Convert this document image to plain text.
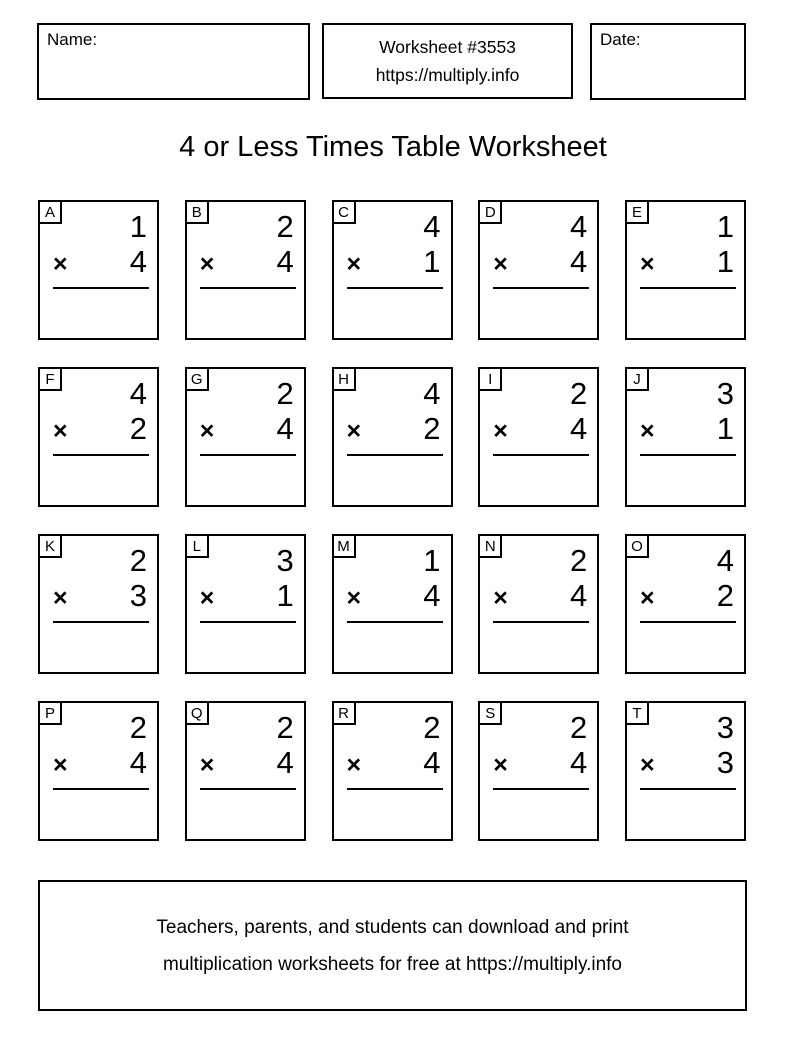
Name:	Worksheet #3553
https://multiply.info
Date:
4 or Less Times Table Worksheet
A	1
× 4
B	2
× 4
C	4
× 1
D	4
× 4
E	1
× 1
F	4
× 2
G	2
× 4
H	4
× 2
I	2
× 4
J	3
× 1
K	2
× 3
L	3
× 1
M	1
× 4
N	2
× 4
O	4
× 2
P	2
× 4
Q	2
× 4
R	2
× 4
S	2
× 4
T	3
× 3
Teachers, parents, and students can download and print
multiplication worksheets for free at https://multiply.info
